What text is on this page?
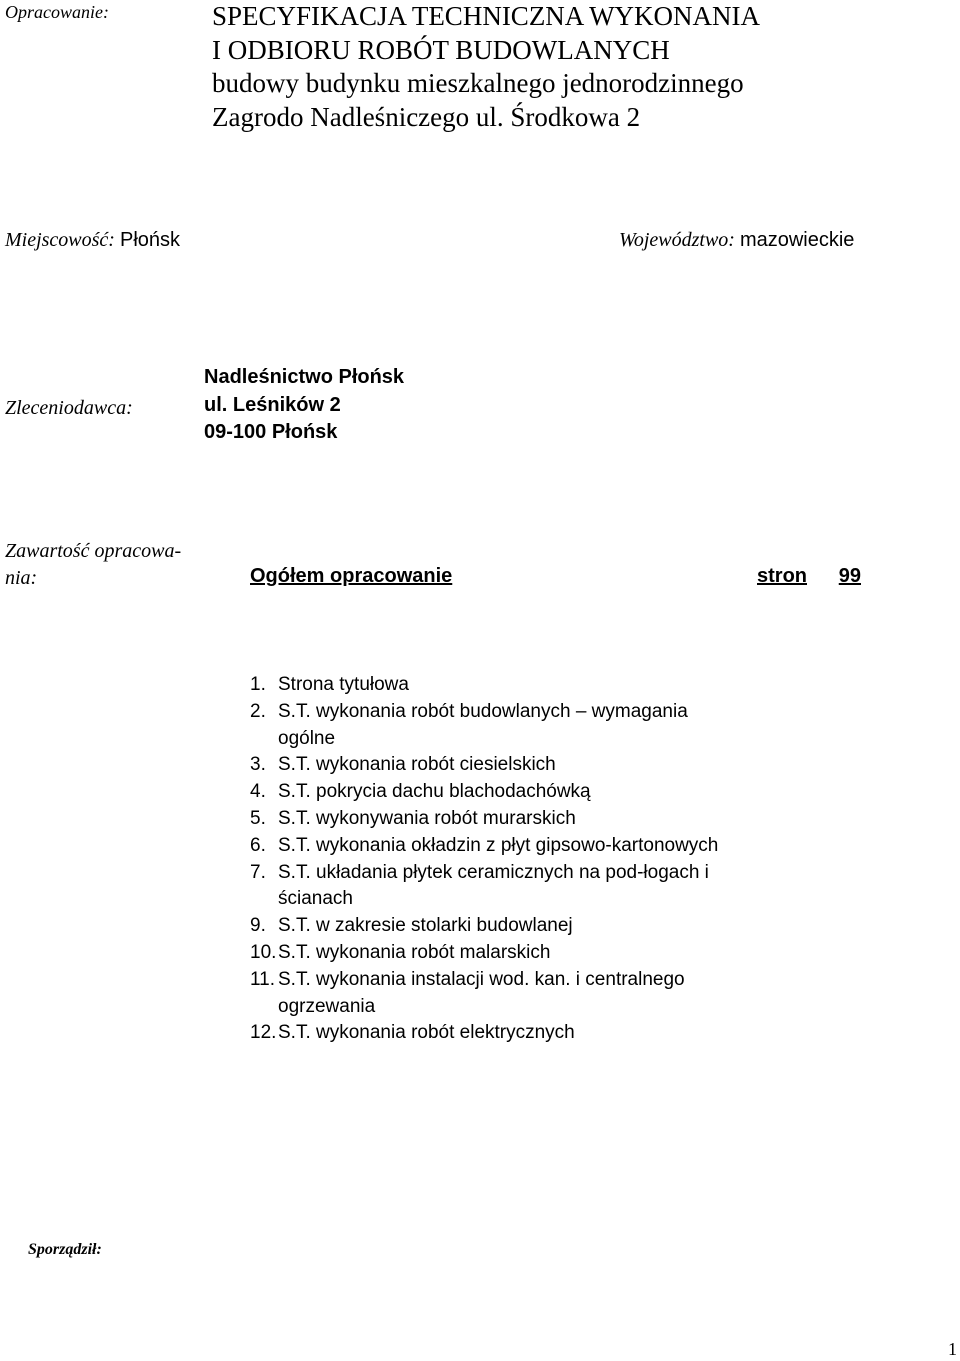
Opracowanie:	SPECYFIKACJA TECHNICZNA WYKONANIA
I ODBIORU ROBÓT BUDOWLANYCH
budowy budynku mieszkalnego jednorodzinnego
Zagrodo Nadleśniczego ul. Środkowa 2
Miejscowość: Płońsk	Województwo: mazowieckie
Zleceniodawca:
Nadleśnictwo Płońsk
ul. Leśników 2
09-100 Płońsk
Zawartość opracowa-
nia:	Ogółem opracowanie	stron 99
1. Strona tytułowa
2. S.T. wykonania robót budowlanych – wymagania ogólne
3. S.T. wykonania robót ciesielskich
4. S.T. pokrycia dachu blachodachówką
5. S.T. wykonywania robót murarskich
6. S.T. wykonania okładzin z płyt gipsowo-kartonowych
7. S.T. układania płytek ceramicznych na pod-łogach i ścianach
9. S.T. w zakresie stolarki budowlanej
10. S.T. wykonania robót malarskich
11. S.T. wykonania instalacji wod. kan. i centralnego ogrzewania
12. S.T. wykonania robót elektrycznych
Sporządził:
1
